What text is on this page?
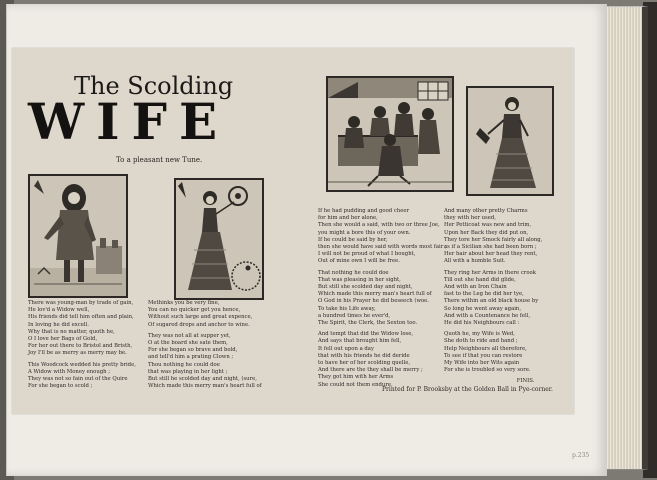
The Scolding
WIFE
To a pleasant new Tune.

There was young-man by trade of gain,
He lov'd a Widow well,
His friends did tell him often and plain,
In loving he did excell.
Why that is no matter, quoth he,
O I love her Bags of Gold,
For her out there to Bristol and Bristh,
Joy I'll be as merry as merry may be.

This Woodcock wedded his pretty bride,
A Widow with Money enough ;
They was not so fain out of the Quire
For she began to scold ;

Methinks you be very fine,
You can no quicker get you hence,
Without such large and great expence,
Of sugared drops and anchor to wine.

They was not all at supper yet,
O at the board she sate them,
For she began so brave and bold,
and tell'd him a prating Clown ;
Thou nothing he could doe
that was playing in her light ;
But still he scolded day and night, (sure,
Which made this merry man's heart full of

If he had pudding and good cheer
for him and her alone,
Then she would a said, with two or three Joe,
you might a bore this of your own.
If he could be said by her,
then she would have said with words most fair ;
I will not be proud of what I bought,
Out of mine own I will be free.

That nothing he could doe
That was pleasing in her sight,
But still she scolded day and night,
Which made this merry man's heart full of
O God in his Prayer he did beseech (woe.
To take his Life away,
a hundred times he ever'd,
The Spirit, the Clerk, the Sexton too.

And tempt that did the Widow lose,
And says that brought him fell,
It fell out upon a day
that with his friends he did deride
to have her of her scolding quelle,
And there are the they shall be merry ;
They got him with her Arms
She could not them endure,

And many other pretty Charms
they with her used,
Her Petticoat was new and trim,
Upon her Back they did put on,
They tore her Smock fairly all along,
as if a Sicilian she had been born ;
Her hair about her head they rent,
All with a humble Suit.

They ring her Arms in there crook
Till out she hand did glide,
And with an Iron Chain
fast to the Leg he did her tye,
There within an old black house by
So long he went away again,
And with a Countenance he fell,
He did his Neighbours call :

Quoth he, my Wife is Wed,
She doth to ride and hand ;
Help Neighbours all therefore,
To see if that you can restore
My Wife into her Wits again
For she is troubled so very sore.

FINIS.

Printed for P. Brooksby at the Golden Ball in Pye-corner.
p.235
